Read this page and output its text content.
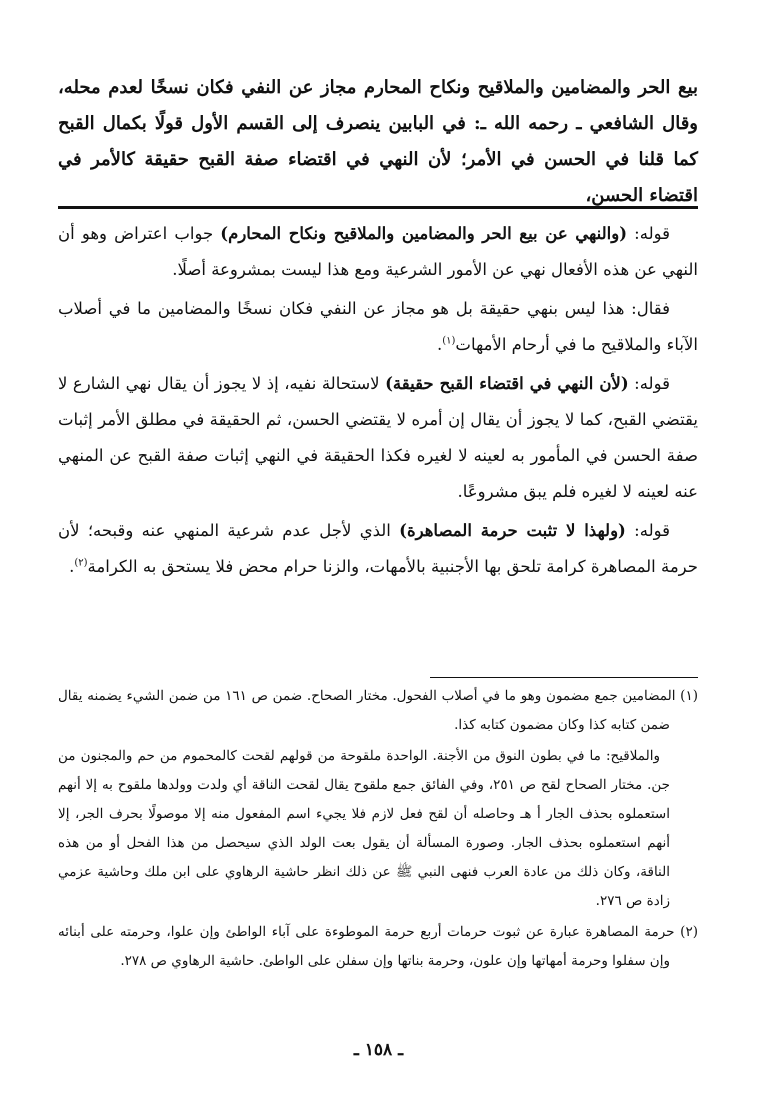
بيع الحر والمضامين والملاقيح ونكاح المحارم مجاز عن النفي فكان نسخًا لعدم محله، وقال الشافعي ـ رحمه الله ـ: في البابين ينصرف إلى القسم الأول قولًا بكمال القبح كما قلنا في الحسن في الأمر؛ لأن النهي في اقتضاء صفة القبح حقيقة كالأمر في اقتضاء الحسن،

قوله: (والنهي عن بيع الحر والمضامين والملاقيح ونكاح المحارم) جواب اعتراض وهو أن النهي عن هذه الأفعال نهي عن الأمور الشرعية ومع هذا ليست بمشروعة أصلًا.

فقال: هذا ليس بنهي حقيقة بل هو مجاز عن النفي فكان نسخًا والمضامين ما في أصلاب الآباء والملاقيح ما في أرحام الأمهات$^{(١)}$.

قوله: (لأن النهي في اقتضاء القبح حقيقة) لاستحالة نفيه، إذ لا يجوز أن يقال نهي الشارع لا يقتضي القبح، كما لا يجوز أن يقال إن أمره لا يقتضي الحسن، ثم الحقيقة في مطلق الأمر إثبات صفة الحسن في المأمور به لعينه لا لغيره فكذا الحقيقة في النهي إثبات صفة القبح عن المنهي عنه لعينه لا لغيره فلم يبق مشروعًا.

قوله: (ولهذا لا تثبت حرمة المصاهرة) الذي لأجل عدم شرعية المنهي عنه وقبحه؛ لأن حرمة المصاهرة كرامة تلحق بها الأجنبية بالأمهات، والزنا حرام محض فلا يستحق به الكرامة$^{(٢)}$.

(١) المضامين جمع مضمون وهو ما في أصلاب الفحول. مختار الصحاح. ضمن ص ١٦١ من ضمن الشيء يضمنه يقال ضمن كتابه كذا وكان مضمون كتابه كذا.

والملاقيح: ما في بطون النوق من الأجنة. الواحدة ملقوحة من قولهم لقحت كالمحموم من حم والمجنون من جن. مختار الصحاح لقح ص ٢٥١، وفي الفائق جمع ملقوح يقال لقحت الناقة أي ولدت وولدها ملقوح به إلا أنهم استعملوه بحذف الجار أ هـ وحاصله أن لقح فعل لازم فلا يجيء اسم المفعول منه إلا موصولًا بحرف الجر، إلا أنهم استعملوه بحذف الجار. وصورة المسألة أن يقول بعت الولد الذي سيحصل من هذا الفحل أو من هذه الناقة، وكان ذلك من عادة العرب فنهى النبي ﷺ عن ذلك انظر حاشية الرهاوي على ابن ملك وحاشية عزمي زادة ص ٢٧٦.

(٢) حرمة المصاهرة عبارة عن ثبوت حرمات أربع حرمة الموطوءة على آباء الواطئ وإن علوا، وحرمته على أبنائه وإن سفلوا وحرمة أمهاتها وإن علون، وحرمة بناتها وإن سفلن على الواطئ. حاشية الرهاوي ص ٢٧٨.

ـ ١٥٨ ـ
